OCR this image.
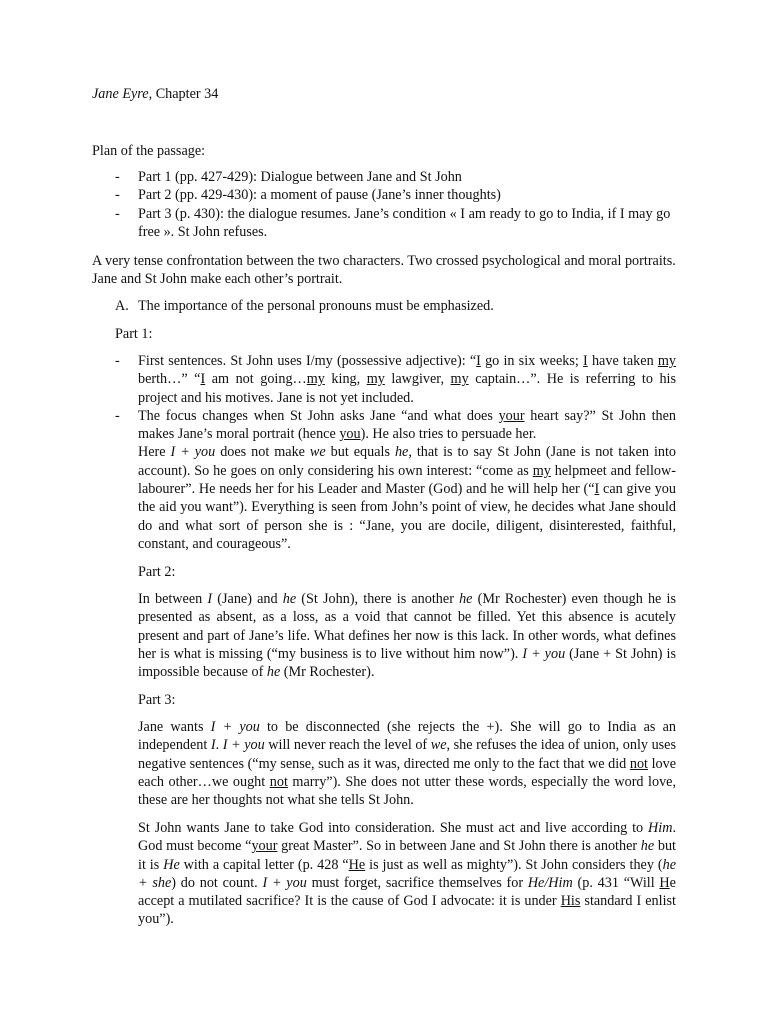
Jane Eyre, Chapter 34

Plan of the passage:

- Part 1 (pp. 427-429): Dialogue between Jane and St John
- Part 2 (pp. 429-430): a moment of pause (Jane’s inner thoughts)
- Part 3 (p. 430): the dialogue resumes. Jane’s condition « I am ready to go to India, if I may go free ». St John refuses.

A very tense confrontation between the two characters. Two crossed psychological and moral portraits. Jane and St John make each other’s portrait.

A. The importance of the personal pronouns must be emphasized.

Part 1:

- First sentences. St John uses I/my (possessive adjective): “I go in six weeks; I have taken my berth…” “I am not going…my king, my lawgiver, my captain…”. He is referring to his project and his motives. Jane is not yet included.

- The focus changes when St John asks Jane “and what does your heart say?” St John then makes Jane’s moral portrait (hence you). He also tries to persuade her.

Here I + you does not make we but equals he, that is to say St John (Jane is not taken into account). So he goes on only considering his own interest: “come as my helpmeet and fellow-labourer”. He needs her for his Leader and Master (God) and he will help her (“I can give you the aid you want”). Everything is seen from John’s point of view, he decides what Jane should do and what sort of person she is : “Jane, you are docile, diligent, disinterested, faithful, constant, and courageous”.

Part 2:

In between I (Jane) and he (St John), there is another he (Mr Rochester) even though he is presented as absent, as a loss, as a void that cannot be filled. Yet this absence is acutely present and part of Jane’s life. What defines her now is this lack. In other words, what defines her is what is missing (“my business is to live without him now”). I + you (Jane + St John) is impossible because of he (Mr Rochester).

Part 3:

Jane wants I + you to be disconnected (she rejects the +). She will go to India as an independent I. I + you will never reach the level of we, she refuses the idea of union, only uses negative sentences (“my sense, such as it was, directed me only to the fact that we did not love each other…we ought not marry”). She does not utter these words, especially the word love, these are her thoughts not what she tells St John.

St John wants Jane to take God into consideration. She must act and live according to Him. God must become “your great Master”. So in between Jane and St John there is another he but it is He with a capital letter (p. 428 “He is just as well as mighty”). St John considers they (he + she) do not count. I + you must forget, sacrifice themselves for He/Him (p. 431 “Will He accept a mutilated sacrifice? It is the cause of God I advocate: it is under His standard I enlist you”).
